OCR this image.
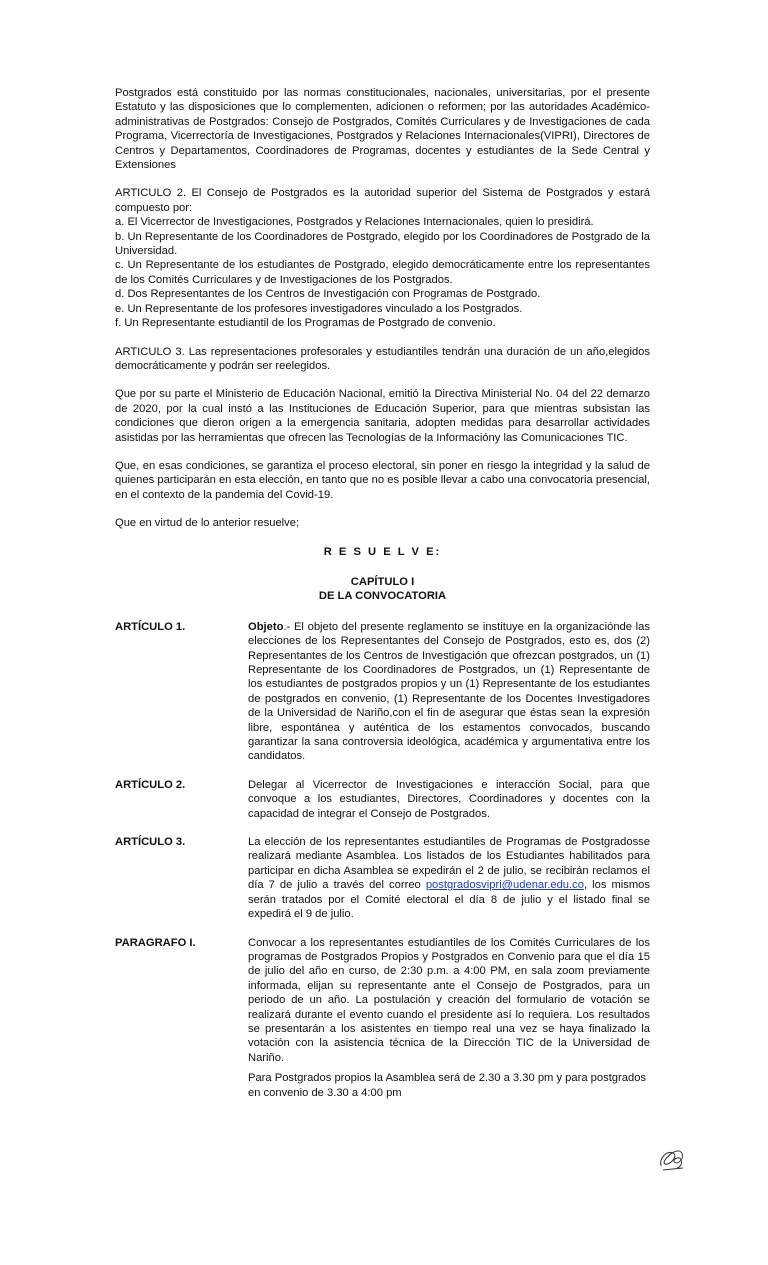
Postgrados está constituido por las normas constitucionales, nacionales, universitarias, por el presente Estatuto y las disposiciones que lo complementen, adicionen o reformen; por las autoridades Académico- administrativas de Postgrados: Consejo de Postgrados, Comités Curriculares y de Investigaciones de cada Programa, Vicerrectoría de Investigaciones, Postgrados y Relaciones Internacionales(VIPRI), Directores de Centros y Departamentos, Coordinadores de Programas, docentes y estudiantes de la Sede Central y Extensiones

ARTICULO 2. El Consejo de Postgrados es la autoridad superior del Sistema de Postgrados y estará compuesto por:
a. El Vicerrector de Investigaciones, Postgrados y Relaciones Internacionales, quien lo presidirá.
b. Un Representante de los Coordinadores de Postgrado, elegido por los Coordinadores de Postgrado de la Universidad.
c. Un Representante de los estudiantes de Postgrado, elegido democráticamente entre los representantes de los Comités Curriculares y de Investigaciones de los Postgrados.
d. Dos Representantes de los Centros de Investigación con Programas de Postgrado.
e. Un Representante de los profesores investigadores vinculado a los Postgrados.
f. Un Representante estudiantil de los Programas de Postgrado de convenio.

ARTICULO 3. Las representaciones profesorales y estudiantiles tendrán una duración de un año,elegidos democráticamente y podrán ser reelegidos.

Que por su parte el Ministerio de Educación Nacional, emitió la Directiva Ministerial No. 04 del 22 demarzo de 2020, por la cual instó a las Instituciones de Educación Superior, para que mientras subsistan las condiciones que dieron origen a la emergencia sanitaria, adopten medidas para desarrollar actividades asistidas por las herramientas que ofrecen las Tecnologías de la Informacióny las Comunicaciones TIC.

Que, en esas condiciones, se garantiza el proceso electoral, sin poner en riesgo la integridad y la salud de quienes participarán en esta elección, en tanto que no es posible llevar a cabo una convocatoria presencial, en el contexto de la pandemia del Covid-19.

Que en virtud de lo anterior resuelve;

R E S U E L V E:
CAPÍTULO I
DE LA CONVOCATORIA
ARTÍCULO 1.	Objeto.- El objeto del presente reglamento se instituye en la organizaciónde las elecciones de los Representantes del Consejo de Postgrados, esto es, dos (2) Representantes de los Centros de Investigación que ofrezcan postgrados, un (1) Representante de los Coordinadores de Postgrados, un (1) Representante de los estudiantes de postgrados propios y un (1) Representante de los estudiantes de postgrados en convenio, (1) Representante de los Docentes Investigadores de la Universidad de Nariño,con el fin de asegurar que éstas sean la expresión libre, espontánea y auténtica de los estamentos convocados, buscando garantizar la sana controversia ideológica, académica y argumentativa entre los candidatos.
ARTÍCULO 2.	Delegar al Vicerrector de Investigaciones e interacción Social, para que convoque a los estudiantes, Directores, Coordinadores y docentes con la capacidad de integrar el Consejo de Postgrados.
ARTÍCULO 3.	La elección de los representantes estudiantiles de Programas de Postgradosse realizará mediante Asamblea. Los listados de los Estudiantes habilitados para participar en dicha Asamblea se expedirán el 2 de julio, se recibirán reclamos el día 7 de julio a través del correo postgradosvipri@udenar.edu.co, los mismos serán tratados por el Comité electoral el día 8 de julio y el listado final se expedirá el 9 de julio.
PARAGRAFO I.	Convocar a los representantes estudiantiles de los Comités Curriculares de los programas de Postgrados Propios y Postgrados en Convenio para que el día 15 de julio del año en curso, de 2:30 p.m. a 4:00 PM, en sala zoom previamente informada, elijan su representante ante el Consejo de Postgrados, para un periodo de un año. La postulación y creación del formulario de votación se realizará durante el evento cuando el presidente así lo requiera. Los resultados se presentarán a los asistentes en tiempo real una vez se haya finalizado la votación con la asistencia técnica de la Dirección TIC de la Universidad de Nariño.

Para Postgrados propios la Asamblea será de 2.30 a 3.30 pm y para postgrados en convenio de 3.30 a 4:00 pm
